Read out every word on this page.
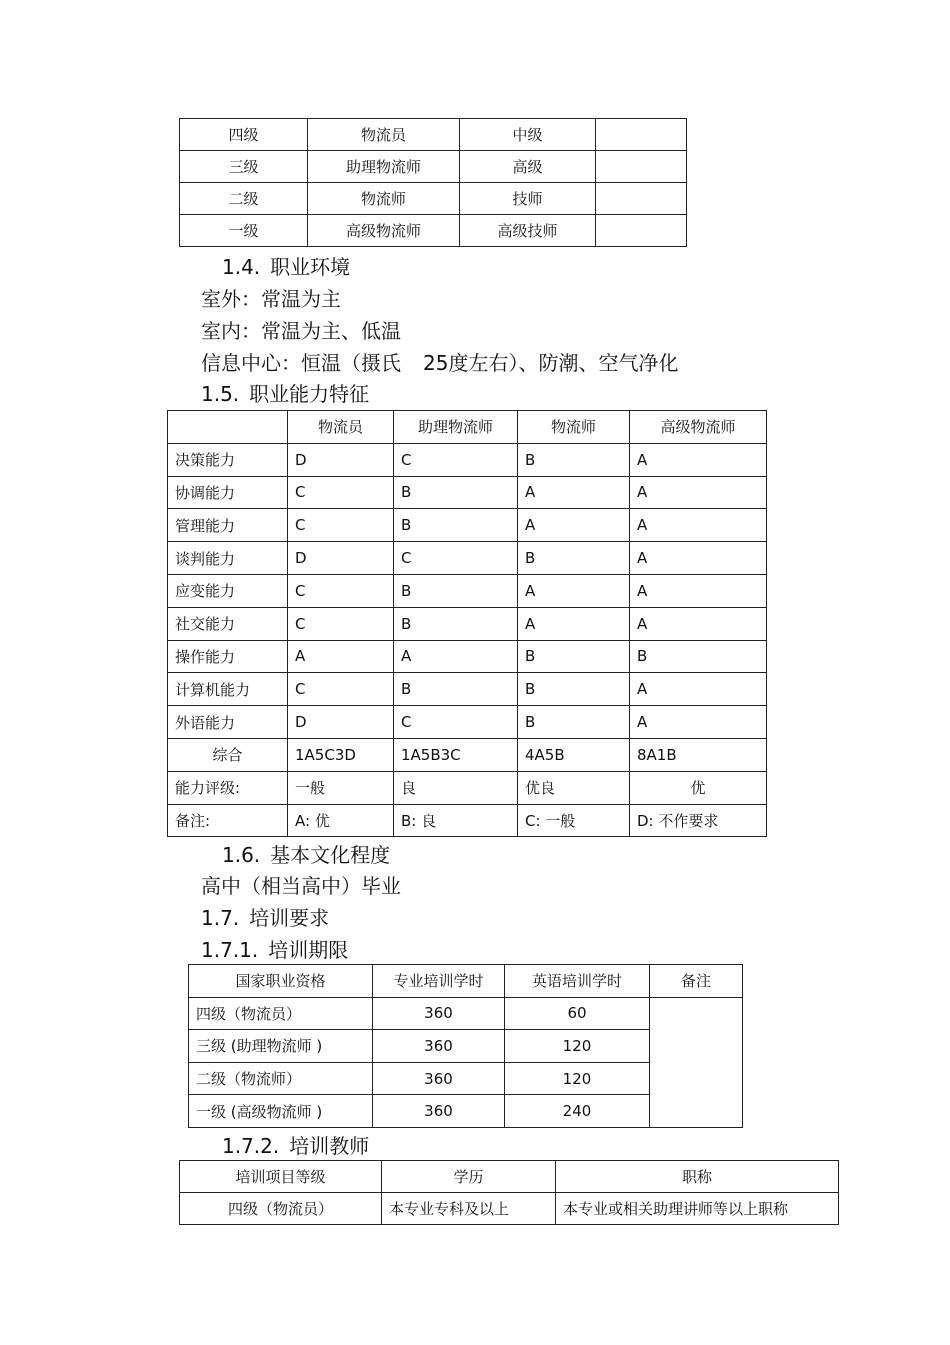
四级	物流员	中级	
三级	助理物流师	高级	
二级	物流师	技师	
一级	高级物流师	高级技师	
1.4. 职业环境
室外：常温为主
室内：常温为主、低温
信息中心：恒温（摄氏 25度左右）、防潮、空气净化
1.5. 职业能力特征
	物流员	助理物流师	物流师	高级物流师
决策能力	D	C	B	A
协调能力	C	B	A	A
管理能力	C	B	A	A
谈判能力	D	C	B	A
应变能力	C	B	A	A
社交能力	C	B	A	A
操作能力	A	A	B	B
计算机能力	C	B	B	A
外语能力	D	C	B	A
综合	1A5C3D	1A5B3C	4A5B	8A1B
能力评级:	一般	良	优良	优
备注:	A: 优	B: 良	C: 一般	D: 不作要求
1.6. 基本文化程度
高中（相当高中）毕业
1.7. 培训要求
1.7.1. 培训期限
国家职业资格	专业培训学时	英语培训学时	备注
四级（物流员）	360	60	
三级 (助理物流师 )	360	120	
二级（物流师）	360	120	
一级 (高级物流师 )	360	240	
1.7.2. 培训教师
培训项目等级	学历	职称
四级（物流员）	本专业专科及以上	本专业或相关助理讲师等以上职称
